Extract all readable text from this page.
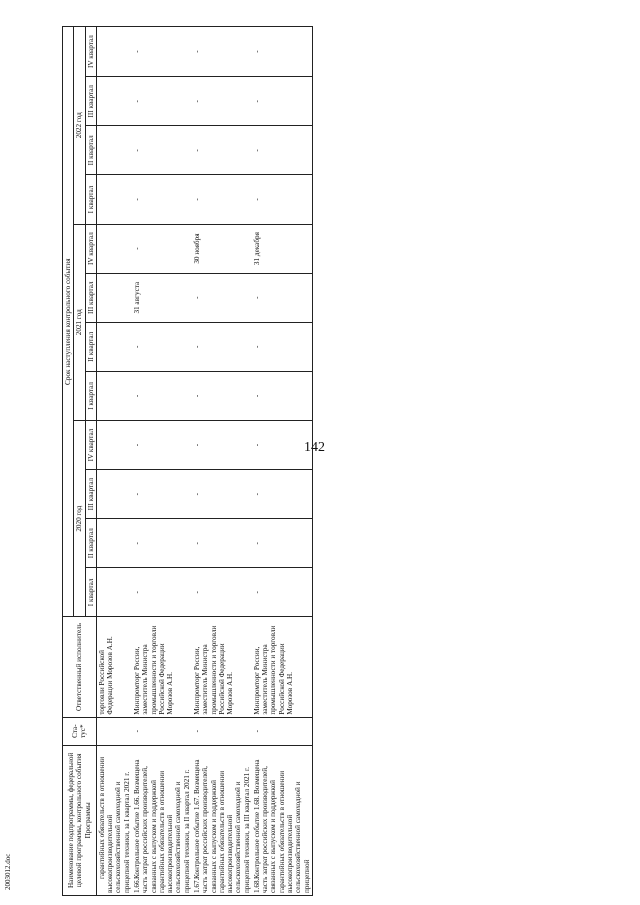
142
2003012.doc	Наименование подпрограммы, федеральной целевой программы, контрольного события Программы	Ста-тус*	Ответственный исполнитель	Срок наступления контрольного события											
			2020 год				2021 год				2022 год			
			I квартал	II квартал	III квартал	IV квартал	I квартал	II квартал	III квартал	IV квартал	I квартал	II квартал	III квартал	IV квартал
гарантийных обязательств в отношении высокопроизводительной сельскохозяйственной самоходной и прицепной техники, за I квартал 2021 г.		торговли Российской Федерации Морозов А.Н.												
1.66.Контрольное событие 1.66. Возмещена часть затрат российских производителей, связанных с выпуском и поддержкой гарантийных обязательств в отношении высокопроизводительной сельскохозяйственной самоходной и прицепной техники, за II квартал 2021 г.	-	Минпромторг России, заместитель Министра промышленности и торговли Российской Федерации Морозов А.Н.	-	-	-	-	-	-	31 августа	-	-	-	-	-
1.67.Контрольное событие 1.67. Возмещена часть затрат российских производителей, связанных с выпуском и поддержкой гарантийных обязательств в отношении высокопроизводительной сельскохозяйственной самоходной и прицепной техники, за III квартал 2021 г.	-	Минпромторг России, заместитель Министра промышленности и торговли Российской Федерации Морозов А.Н.	-	-	-	-	-	-	-	30 ноября	-	-	-	-
1.68.Контрольное событие 1.68. Возмещена часть затрат российских производителей, связанных с выпуском и поддержкой гарантийных обязательств в отношении высокопроизводительной сельскохозяйственной самоходной и прицепной	-	Минпромторг России, заместитель Министра промышленности и торговли Российской Федерации Морозов А.Н.	-	-	-	-	-	-	-	31 декабря	-	-	-	-
